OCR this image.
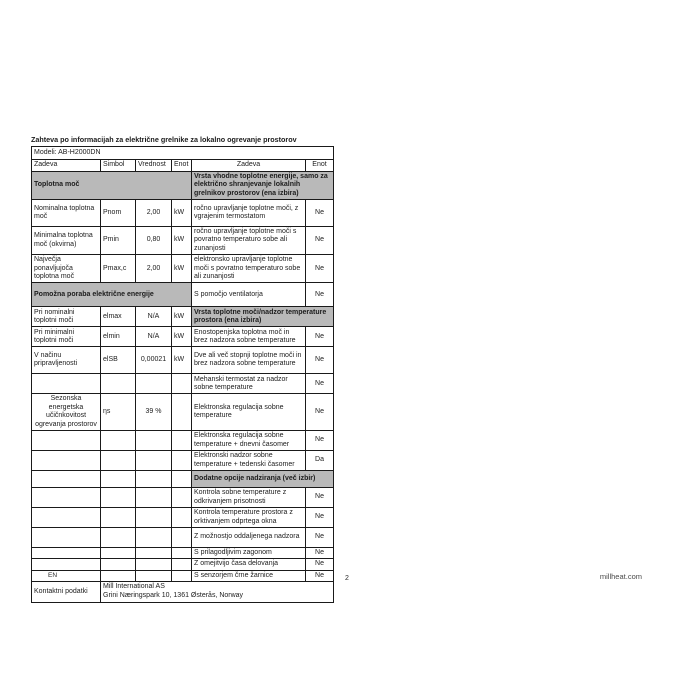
Zahteva po informacijah za električne grelnike za lokalno ogrevanje prostorov
Modeli: AB-H2000DN					
Zadeva	Simbol	Vrednost	Enot	Zadeva	Enot
Toplotna moč				Vrsta vhodne toplotne energije, samo za električno shranjevanje lokalnih grelnikov prostorov (ena izbira)	
Nominalna toplotna moč	Pnom	2,00	kW	ročno upravljanje toplotne moči, z vgrajenim termostatom	Ne
Minimalna toplotna moč (okvirna)	Pmin	0,80	kW	ročno upravljanje toplotne moči s povratno temperaturo sobe ali zunanjosti	Ne
Največja ponavljujoča toplotna moč	Pmax,c	2,00	kW	elektronsko upravljanje toplotne moči s povratno temperaturo sobe ali zunanjosti	Ne
Pomožna poraba električne energije				S pomočjo ventilatorja	Ne
Pri nominalni toplotni moči	elmax	N/A	kW	Vrsta toplotne moči/nadzor temperature prostora (ena izbira)	
Pri minimalni toplotni moči	elmin	N/A	kW	Enostopenjska toplotna moč in brez nadzora sobne temperature	Ne
V načinu pripravljenosti	elSB	0,00021	kW	Dve ali več stopnji toplotne moči in brez nadzora sobne temperature	Ne
				Mehanski termostat za nadzor sobne temperature	Ne
Sezonska energetska učičnkovitost ogrevanja prostorov	ηs	39 %		Elektronska regulacija sobne temperature	Ne
				Elektronska regulacija sobne temperature + dnevni časomer	Ne
				Elektronski nadzor sobne temperature + tedenski časomer	Da
				Dodatne opcije nadziranja (več izbir)	
				Kontrola sobne temperature z odkrivanjem prisotnosti	Ne
				Kontrola temperature prostora z orktivanjem odprtega okna	Ne
				Z možnostjo oddaljenega nadzora	Ne
				S prilagodljivim zagonom	Ne
				Z omejitvijo časa delovanja	Ne
				S senzorjem črne žarnice	Ne
Kontaktni podatki	Mill International AS
Grini Næringspark 10, 1361 Østerås, Norway				
EN	2	millheat.com
